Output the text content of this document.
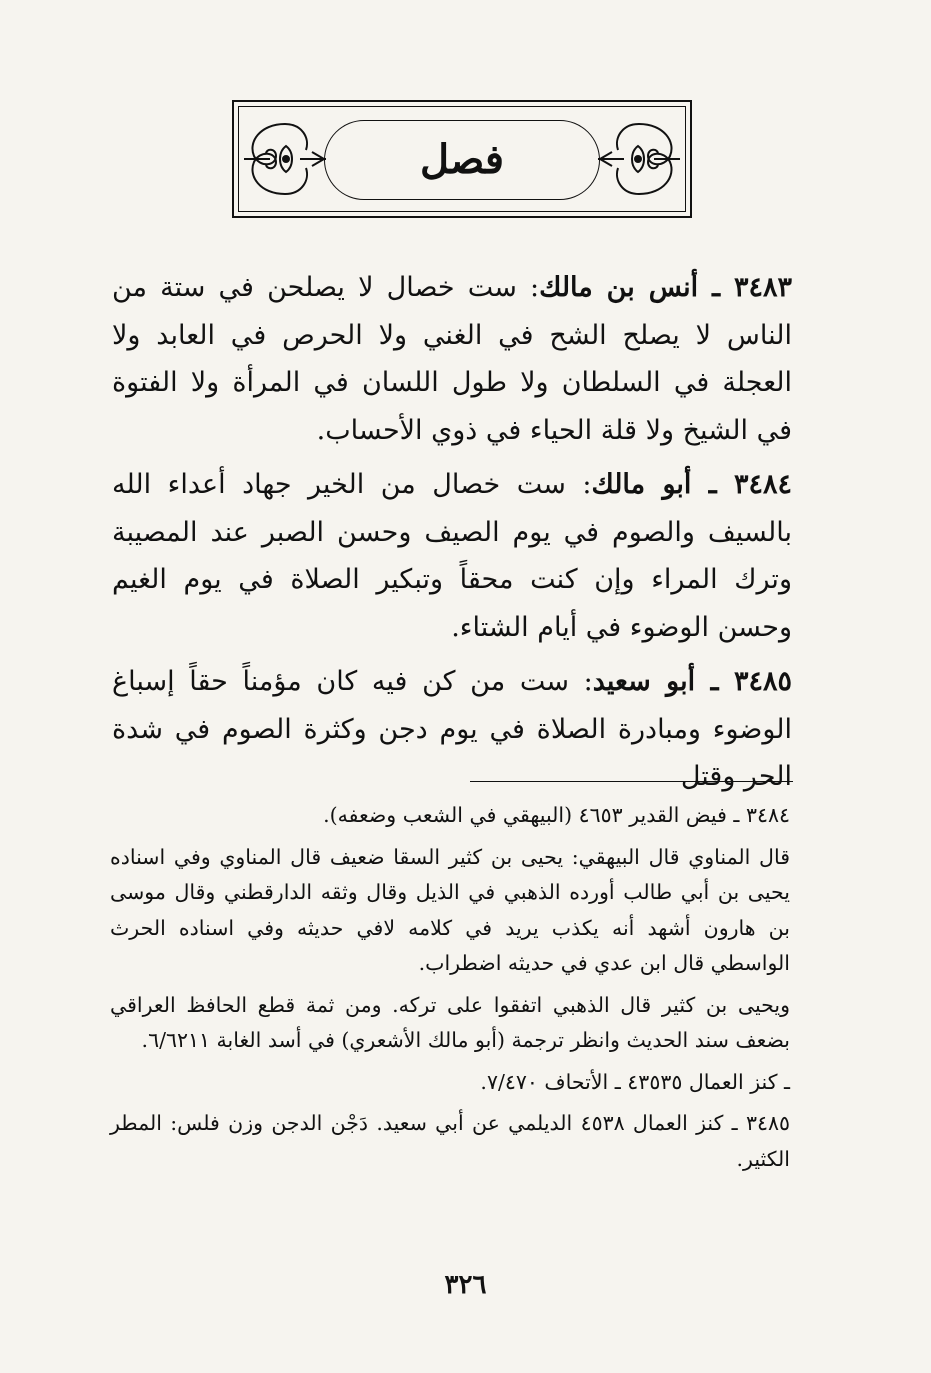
فصل

٣٤٨٣ ـ أنس بن مالك: ست خصال لا يصلحن في ستة من الناس لا يصلح الشح في الغني ولا الحرص في العابد ولا العجلة في السلطان ولا طول اللسان في المرأة ولا الفتوة في الشيخ ولا قلة الحياء في ذوي الأحساب.

٣٤٨٤ ـ أبو مالك: ست خصال من الخير جهاد أعداء الله بالسيف والصوم في يوم الصيف وحسن الصبر عند المصيبة وترك المراء وإن كنت محقاً وتبكير الصلاة في يوم الغيم وحسن الوضوء في أيام الشتاء.

٣٤٨٥ ـ أبو سعيد: ست من كن فيه كان مؤمناً حقاً إسباغ الوضوء ومبادرة الصلاة في يوم دجن وكثرة الصوم في شدة الحر وقتل

٣٤٨٤ ـ فيض القدير ٤٦٥٣ (البيهقي في الشعب وضعفه).

قال المناوي قال البيهقي: يحيى بن كثير السقا ضعيف قال المناوي وفي اسناده يحيى بن أبي طالب أورده الذهبي في الذيل وقال وثقه الدارقطني وقال موسى بن هارون أشهد أنه يكذب يريد في كلامه لافي حديثه وفي اسناده الحرث الواسطي قال ابن عدي في حديثه اضطراب.

ويحيى بن كثير قال الذهبي اتفقوا على تركه. ومن ثمة قطع الحافظ العراقي بضعف سند الحديث وانظر ترجمة (أبو مالك الأشعري) في أسد الغابة ٦/٦٢١١.

ـ كنز العمال ٤٣٥٣٥ ـ الأتحاف ٧/٤٧٠.

٣٤٨٥ ـ كنز العمال ٤٥٣٨ الديلمي عن أبي سعيد. دَجْن الدجن وزن فلس: المطر الكثير.

٣٢٦
